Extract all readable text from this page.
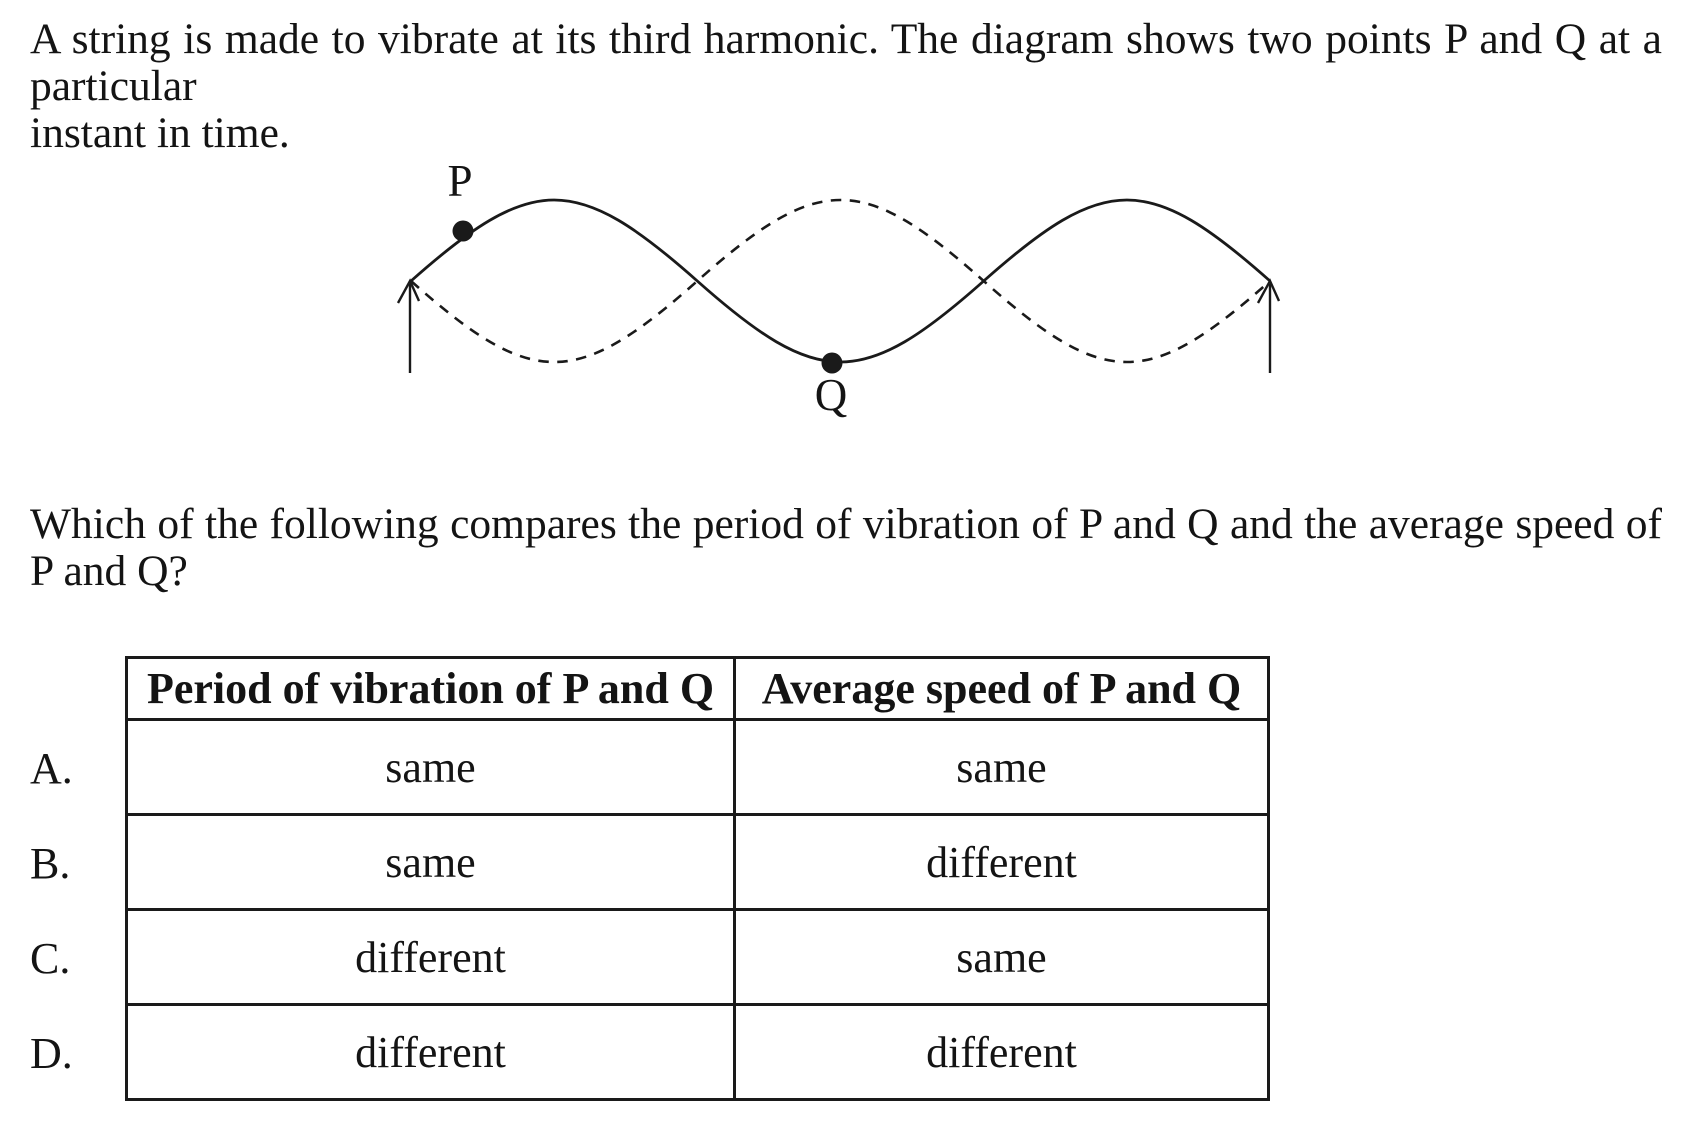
A string is made to vibrate at its third harmonic. The diagram shows two points P and Q at a particular
instant in time.
P
Q
Which of the following compares the period of vibration of P and Q and the average speed of
P and Q?
A.
B.
C.
D.
Period of vibration of P and Q	Average speed of P and Q
same	same
same	different
different	same
different	different
